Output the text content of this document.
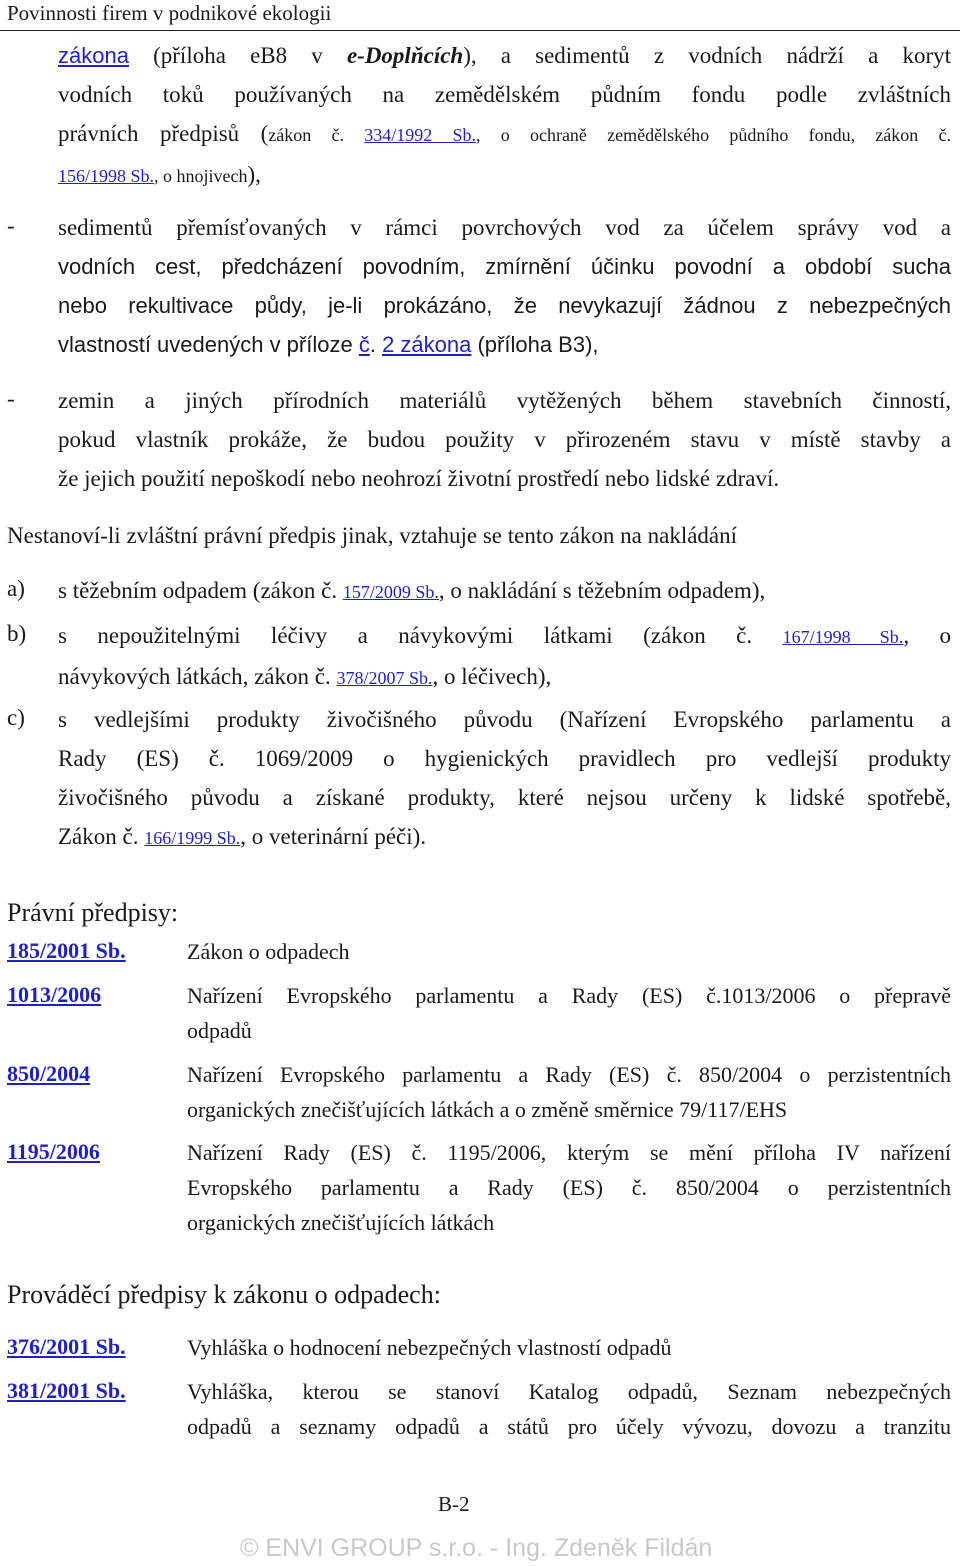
Povinnosti firem v podnikové ekologii
zákona (příloha eB8 v e-Doplňcích), a sedimentů z vodních nádrží a koryt
vodních toků používaných na zemědělském půdním fondu podle zvláštních
právních předpisů (zákon č. 334/1992 Sb., o ochraně zemědělského půdního fondu, zákon č.
156/1998 Sb., o hnojivech),
- sedimentů přemísťovaných v rámci povrchových vod za účelem správy vod a
vodních cest, předcházení povodním, zmírnění účinku povodní a období sucha
nebo rekultivace půdy, je-li prokázáno, že nevykazují žádnou z nebezpečných
vlastností uvedených v příloze č. 2 zákona (příloha B3),
- zemin a jiných přírodních materiálů vytěžených během stavebních činností,
pokud vlastník prokáže, že budou použity v přirozeném stavu v místě stavby a
že jejich použití nepoškodí nebo neohrozí životní prostředí nebo lidské zdraví.
Nestanoví-li zvláštní právní předpis jinak, vztahuje se tento zákon na nakládání
a) s těžebním odpadem (zákon č. 157/2009 Sb., o nakládání s těžebním odpadem),
b) s nepoužitelnými léčivy a návykovými látkami (zákon č. 167/1998 Sb., o
návykových látkách, zákon č. 378/2007 Sb., o léčivech),
c) s vedlejšími produkty živočišného původu (Nařízení Evropského parlamentu a
Rady (ES) č. 1069/2009 o hygienických pravidlech pro vedlejší produkty
živočišného původu a získané produkty, které nejsou určeny k lidské spotřebě,
Zákon č. 166/1999 Sb., o veterinární péči).
Právní předpisy:
185/2001 Sb.	Zákon o odpadech
1013/2006	Nařízení Evropského parlamentu a Rady (ES) č.1013/2006 o přepravě
odpadů
850/2004	Nařízení Evropského parlamentu a Rady (ES) č. 850/2004 o perzistentních
organických znečišťujících látkách a o změně směrnice 79/117/EHS
1195/2006	Nařízení Rady (ES) č. 1195/2006, kterým se mění příloha IV nařízení
Evropského parlamentu a Rady (ES) č. 850/2004 o perzistentních
organických znečišťujících látkách
Prováděcí předpisy k zákonu o odpadech:
376/2001 Sb.	Vyhláška o hodnocení nebezpečných vlastností odpadů
381/2001 Sb.	Vyhláška, kterou se stanoví Katalog odpadů, Seznam nebezpečných
odpadů a seznamy odpadů a států pro účely vývozu, dovozu a tranzitu
B-2
© ENVI GROUP s.r.o. - Ing. Zdeněk Fildán
